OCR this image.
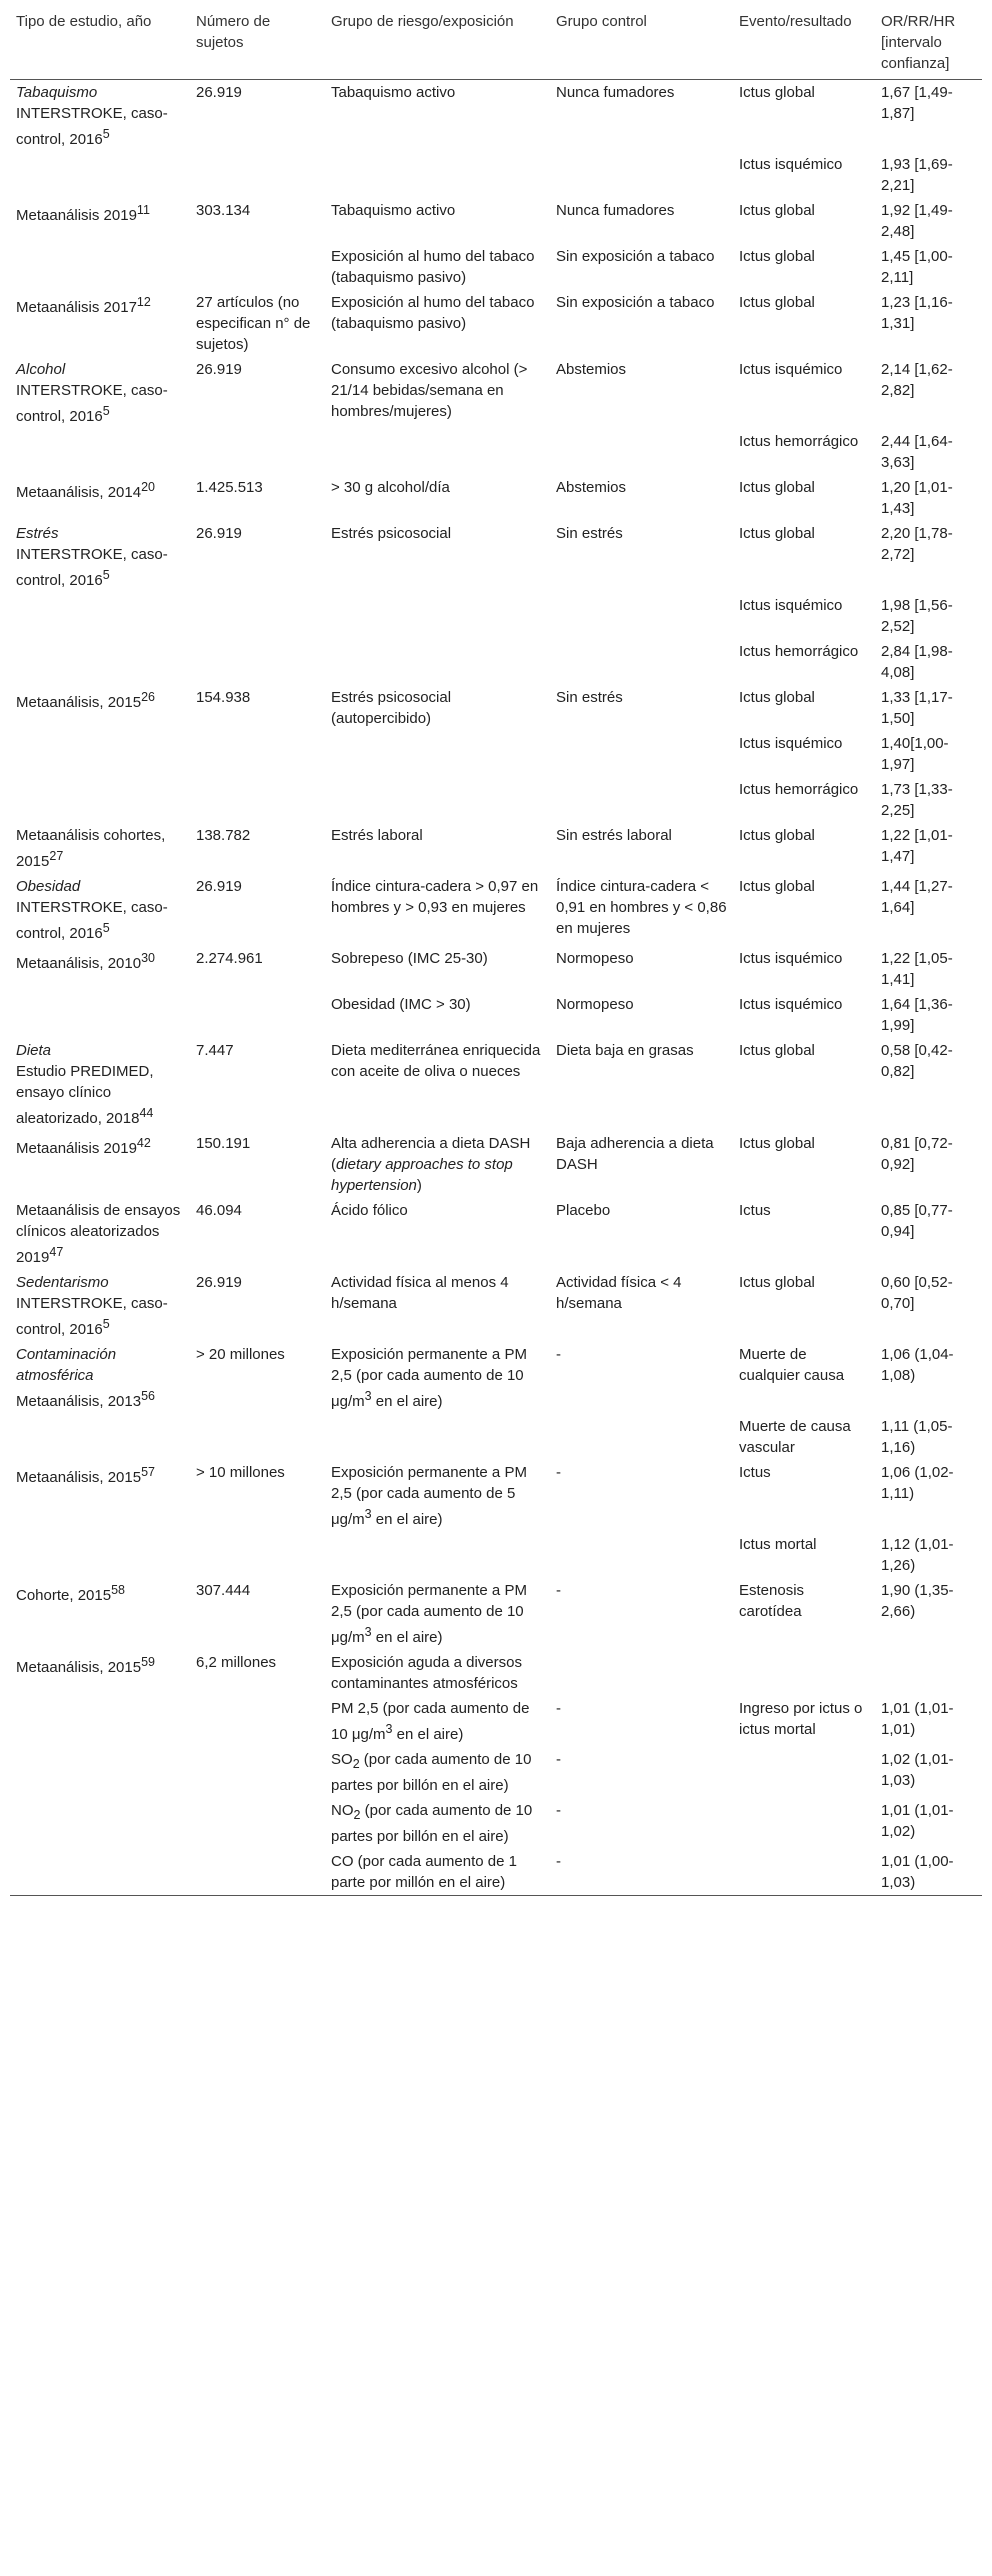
Tipo de estudio, año	Número de sujetos	Grupo de riesgo/exposición	Grupo control	Evento/resultado	OR/RR/HR [intervalo confianza]

Tabaquismo
INTERSTROKE, caso-control, 2016$^5$	26.919	Tabaquismo activo	Nunca fumadores	Ictus global	1,67 [1,49-1,87]
				Ictus isquémico	1,93 [1,69-2,21]
Metaanálisis 2019$^{11}$	303.134	Tabaquismo activo	Nunca fumadores	Ictus global	1,92 [1,49-2,48]
		Exposición al humo del tabaco (tabaquismo pasivo)	Sin exposición a tabaco	Ictus global	1,45 [1,00-2,11]
Metaanálisis 2017$^{12}$	27 artículos (no especifican n° de sujetos)	Exposición al humo del tabaco (tabaquismo pasivo)	Sin exposición a tabaco	Ictus global	1,23 [1,16-1,31]

Alcohol
INTERSTROKE, caso-control, 2016$^5$	26.919	Consumo excesivo alcohol (> 21/14 bebidas/semana en hombres/mujeres)	Abstemios	Ictus isquémico	2,14 [1,62-2,82]
				Ictus hemorrágico	2,44 [1,64-3,63]
Metaanálisis, 2014$^{20}$	1.425.513	> 30 g alcohol/día	Abstemios	Ictus global	1,20 [1,01-1,43]

Estrés
INTERSTROKE, caso-control, 2016$^5$	26.919	Estrés psicosocial	Sin estrés	Ictus global	2,20 [1,78-2,72]
				Ictus isquémico	1,98 [1,56-2,52]
				Ictus hemorrágico	2,84 [1,98-4,08]
Metaanálisis, 2015$^{26}$	154.938	Estrés psicosocial (autopercibido)	Sin estrés	Ictus global	1,33 [1,17-1,50]
				Ictus isquémico	1,40[1,00-1,97]
				Ictus hemorrágico	1,73 [1,33-2,25]
Metaanálisis cohortes, 2015$^{27}$	138.782	Estrés laboral	Sin estrés laboral	Ictus global	1,22 [1,01-1,47]

Obesidad
INTERSTROKE, caso-control, 2016$^5$	26.919	Índice cintura-cadera > 0,97 en hombres y > 0,93 en mujeres	Índice cintura-cadera < 0,91 en hombres y < 0,86 en mujeres	Ictus global	1,44 [1,27-1,64]
Metaanálisis, 2010$^{30}$	2.274.961	Sobrepeso (IMC 25-30)	Normopeso	Ictus isquémico	1,22 [1,05-1,41]
		Obesidad (IMC > 30)	Normopeso	Ictus isquémico	1,64 [1,36-1,99]

Dieta
Estudio PREDIMED, ensayo clínico aleatorizado, 2018$^{44}$	7.447	Dieta mediterránea enriquecida con aceite de oliva o nueces	Dieta baja en grasas	Ictus global	0,58 [0,42-0,82]
Metaanálisis 2019$^{42}$	150.191	Alta adherencia a dieta DASH (dietary approaches to stop hypertension)	Baja adherencia a dieta DASH	Ictus global	0,81 [0,72-0,92]
Metaanálisis de ensayos clínicos aleatorizados 2019$^{47}$	46.094	Ácido fólico	Placebo	Ictus	0,85 [0,77-0,94]

Sedentarismo
INTERSTROKE, caso-control, 2016$^5$	26.919	Actividad física al menos 4 h/semana	Actividad física < 4 h/semana	Ictus global	0,60 [0,52-0,70]

Contaminación atmosférica
Metaanálisis, $2013^{56}$	> 20 millones	Exposición permanente a PM 2,5 (por cada aumento de 10 $\mu g/m^3$ en el aire)	-	Muerte de cualquier causa	1,06 (1,04-1,08)
				Muerte de causa vascular	1,11 (1,05-1,16)
Metaanálisis, $2015^{57}$	> 10 millones	Exposición permanente a PM 2,5 (por cada aumento de 5 $\mu g/m^3$ en el aire)	-	Ictus	1,06 (1,02-1,11)
				Ictus mortal	1,12 (1,01-1,26)
Cohorte, 2015$^{58}$	307.444	Exposición permanente a PM 2,5 (por cada aumento de 10 $\mu g/m^3$ en el aire)	-	Estenosis carotídea	1,90 (1,35-2,66)
Metaanálisis, 2015$^{59}$	6,2 millones	Exposición aguda a diversos contaminantes atmosféricos			
		PM 2,5 (por cada aumento de 10 $\mu g/m^3$ en el aire)	-	Ingreso por ictus o ictus mortal	1,01 (1,01-1,01)
		$SO_2$ (por cada aumento de 10 partes por billón en el aire)	-		1,02 (1,01-1,03)
		$NO_2$ (por cada aumento de 10 partes por billón en el aire)	-		1,01 (1,01-1,02)
		CO (por cada aumento de 1 parte por millón en el aire)	-		1,01 (1,00-1,03)
